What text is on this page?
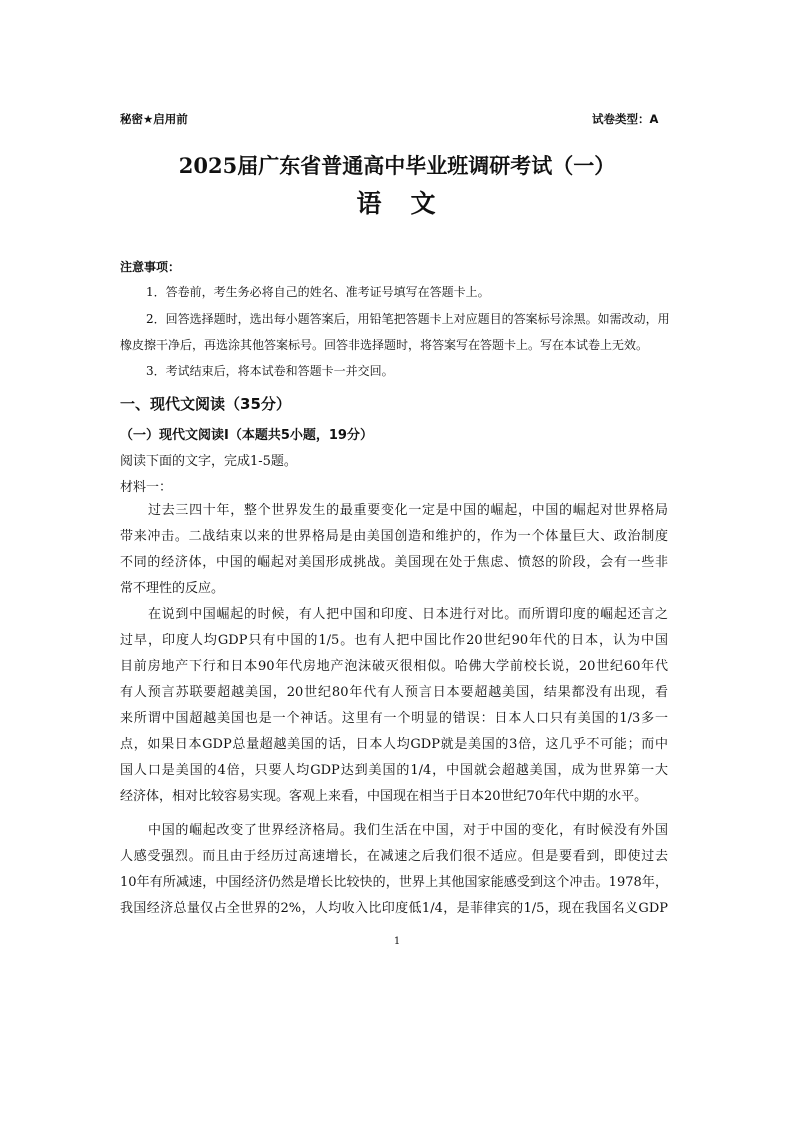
秘密★启用前	试卷类型：A
2025届广东省普通高中毕业班调研考试（一）
语　文
注意事项：
1．答卷前，考生务必将自己的姓名、准考证号填写在答题卡上。
2．回答选择题时，选出每小题答案后，用铅笔把答题卡上对应题目的答案标号涂黑。如需改动，用
橡皮擦干净后，再选涂其他答案标号。回答非选择题时，将答案写在答题卡上。写在本试卷上无效。
3．考试结束后，将本试卷和答题卡一并交回。
一、现代文阅读（35分）
（一）现代文阅读Ⅰ（本题共5小题，19分）
阅读下面的文字，完成1-5题。
材料一：
过去三四十年，整个世界发生的最重要变化一定是中国的崛起，中国的崛起对世界格局
带来冲击。二战结束以来的世界格局是由美国创造和维护的，作为一个体量巨大、政治制度
不同的经济体，中国的崛起对美国形成挑战。美国现在处于焦虑、愤怒的阶段，会有一些非
常不理性的反应。
在说到中国崛起的时候，有人把中国和印度、日本进行对比。而所谓印度的崛起还言之
过早，印度人均GDP只有中国的1/5。也有人把中国比作20世纪90年代的日本，认为中国
目前房地产下行和日本90年代房地产泡沫破灭很相似。哈佛大学前校长说，20世纪60年代
有人预言苏联要超越美国，20世纪80年代有人预言日本要超越美国，结果都没有出现，看
来所谓中国超越美国也是一个神话。这里有一个明显的错误：日本人口只有美国的1/3多一
点，如果日本GDP总量超越美国的话，日本人均GDP就是美国的3倍，这几乎不可能；而中
国人口是美国的4倍，只要人均GDP达到美国的1/4，中国就会超越美国，成为世界第一大
经济体，相对比较容易实现。客观上来看，中国现在相当于日本20世纪70年代中期的水平。
中国的崛起改变了世界经济格局。我们生活在中国，对于中国的变化，有时候没有外国
人感受强烈。而且由于经历过高速增长，在减速之后我们很不适应。但是要看到，即使过去
10年有所减速，中国经济仍然是增长比较快的，世界上其他国家能感受到这个冲击。1978年，
我国经济总量仅占全世界的2%，人均收入比印度低1/4，是菲律宾的1/5，现在我国名义GDP
1
